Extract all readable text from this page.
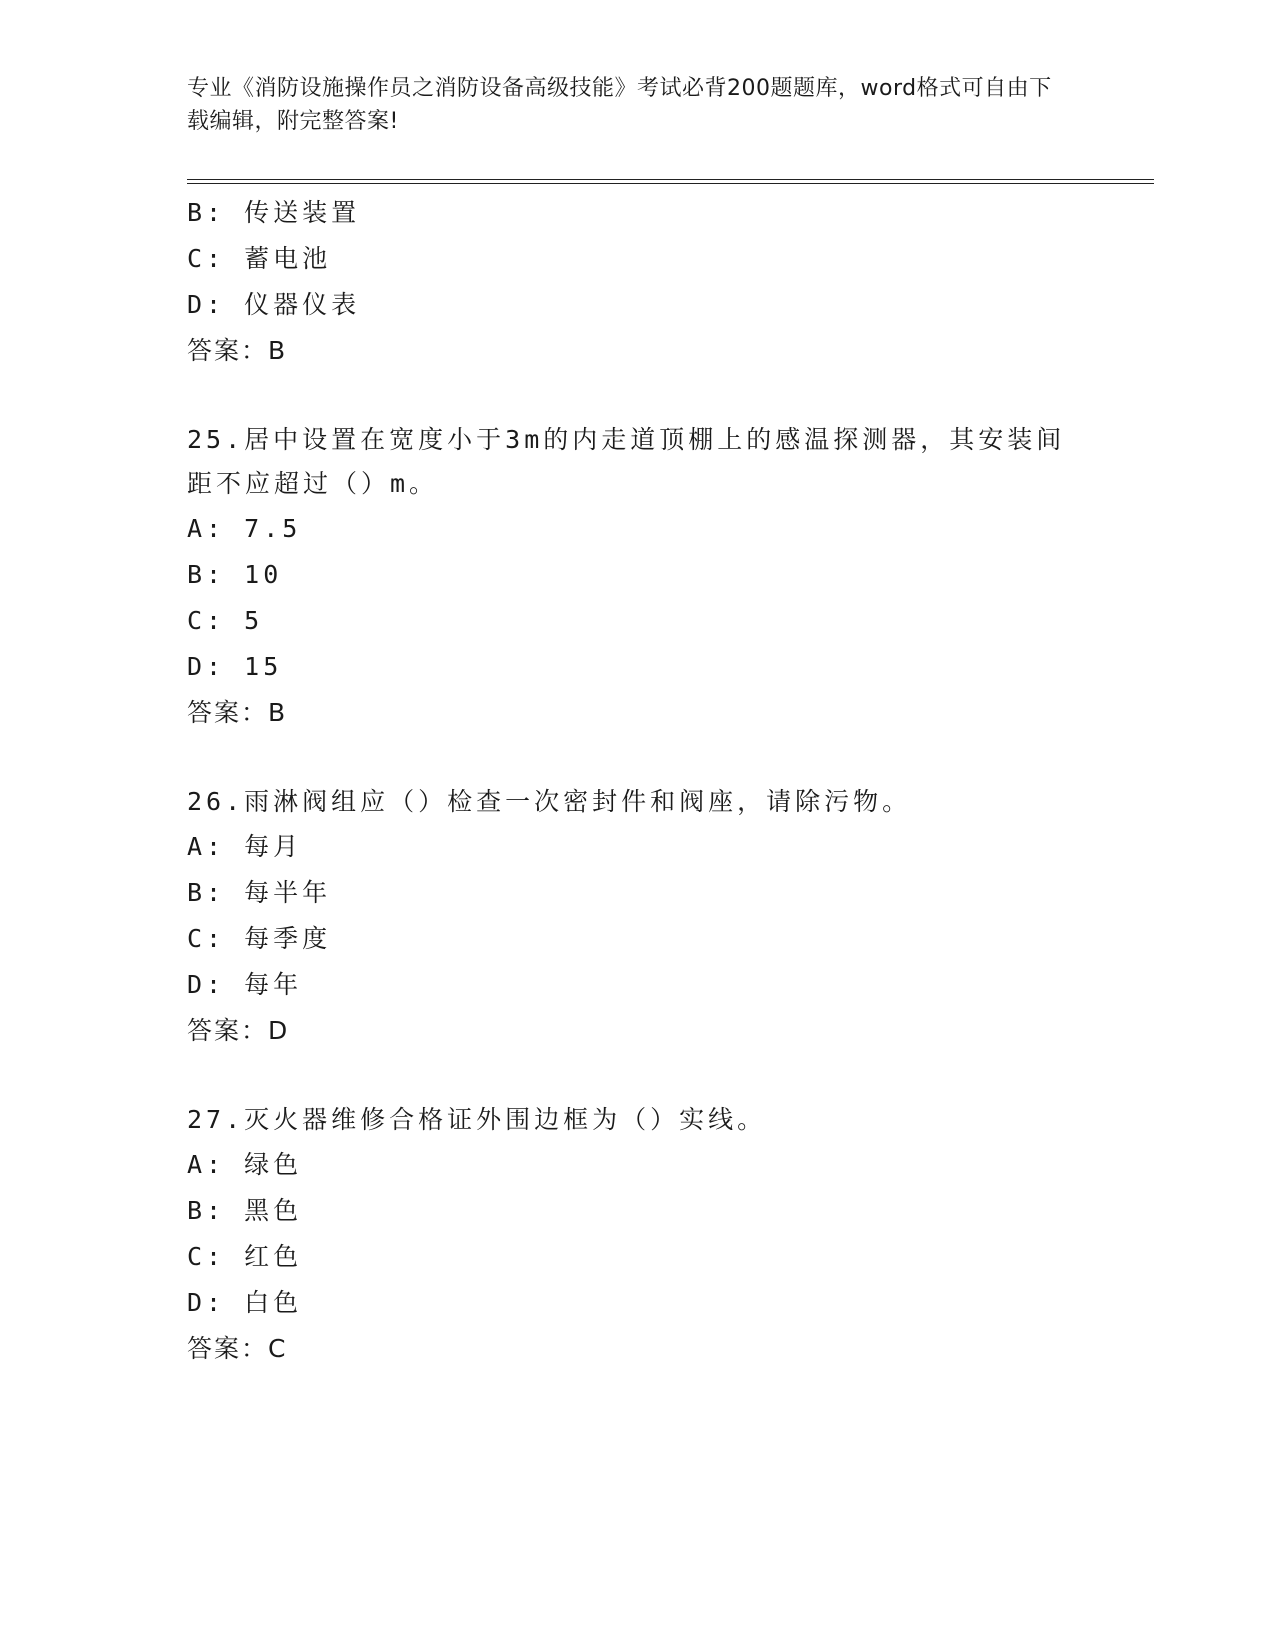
专业《消防设施操作员之消防设备高级技能》考试必背200题题库，word格式可自由下载编辑，附完整答案!
B: 传送装置
C: 蓄电池
D: 仪器仪表
答案：B
25.居中设置在宽度小于3m的内走道顶棚上的感温探测器，其安装间距不应超过（）m。
A: 7.5
B: 10
C: 5
D: 15
答案：B
26.雨淋阀组应（）检查一次密封件和阀座，请除污物。
A: 每月
B: 每半年
C: 每季度
D: 每年
答案：D
27.灭火器维修合格证外围边框为（）实线。
A: 绿色
B: 黑色
C: 红色
D: 白色
答案：C
